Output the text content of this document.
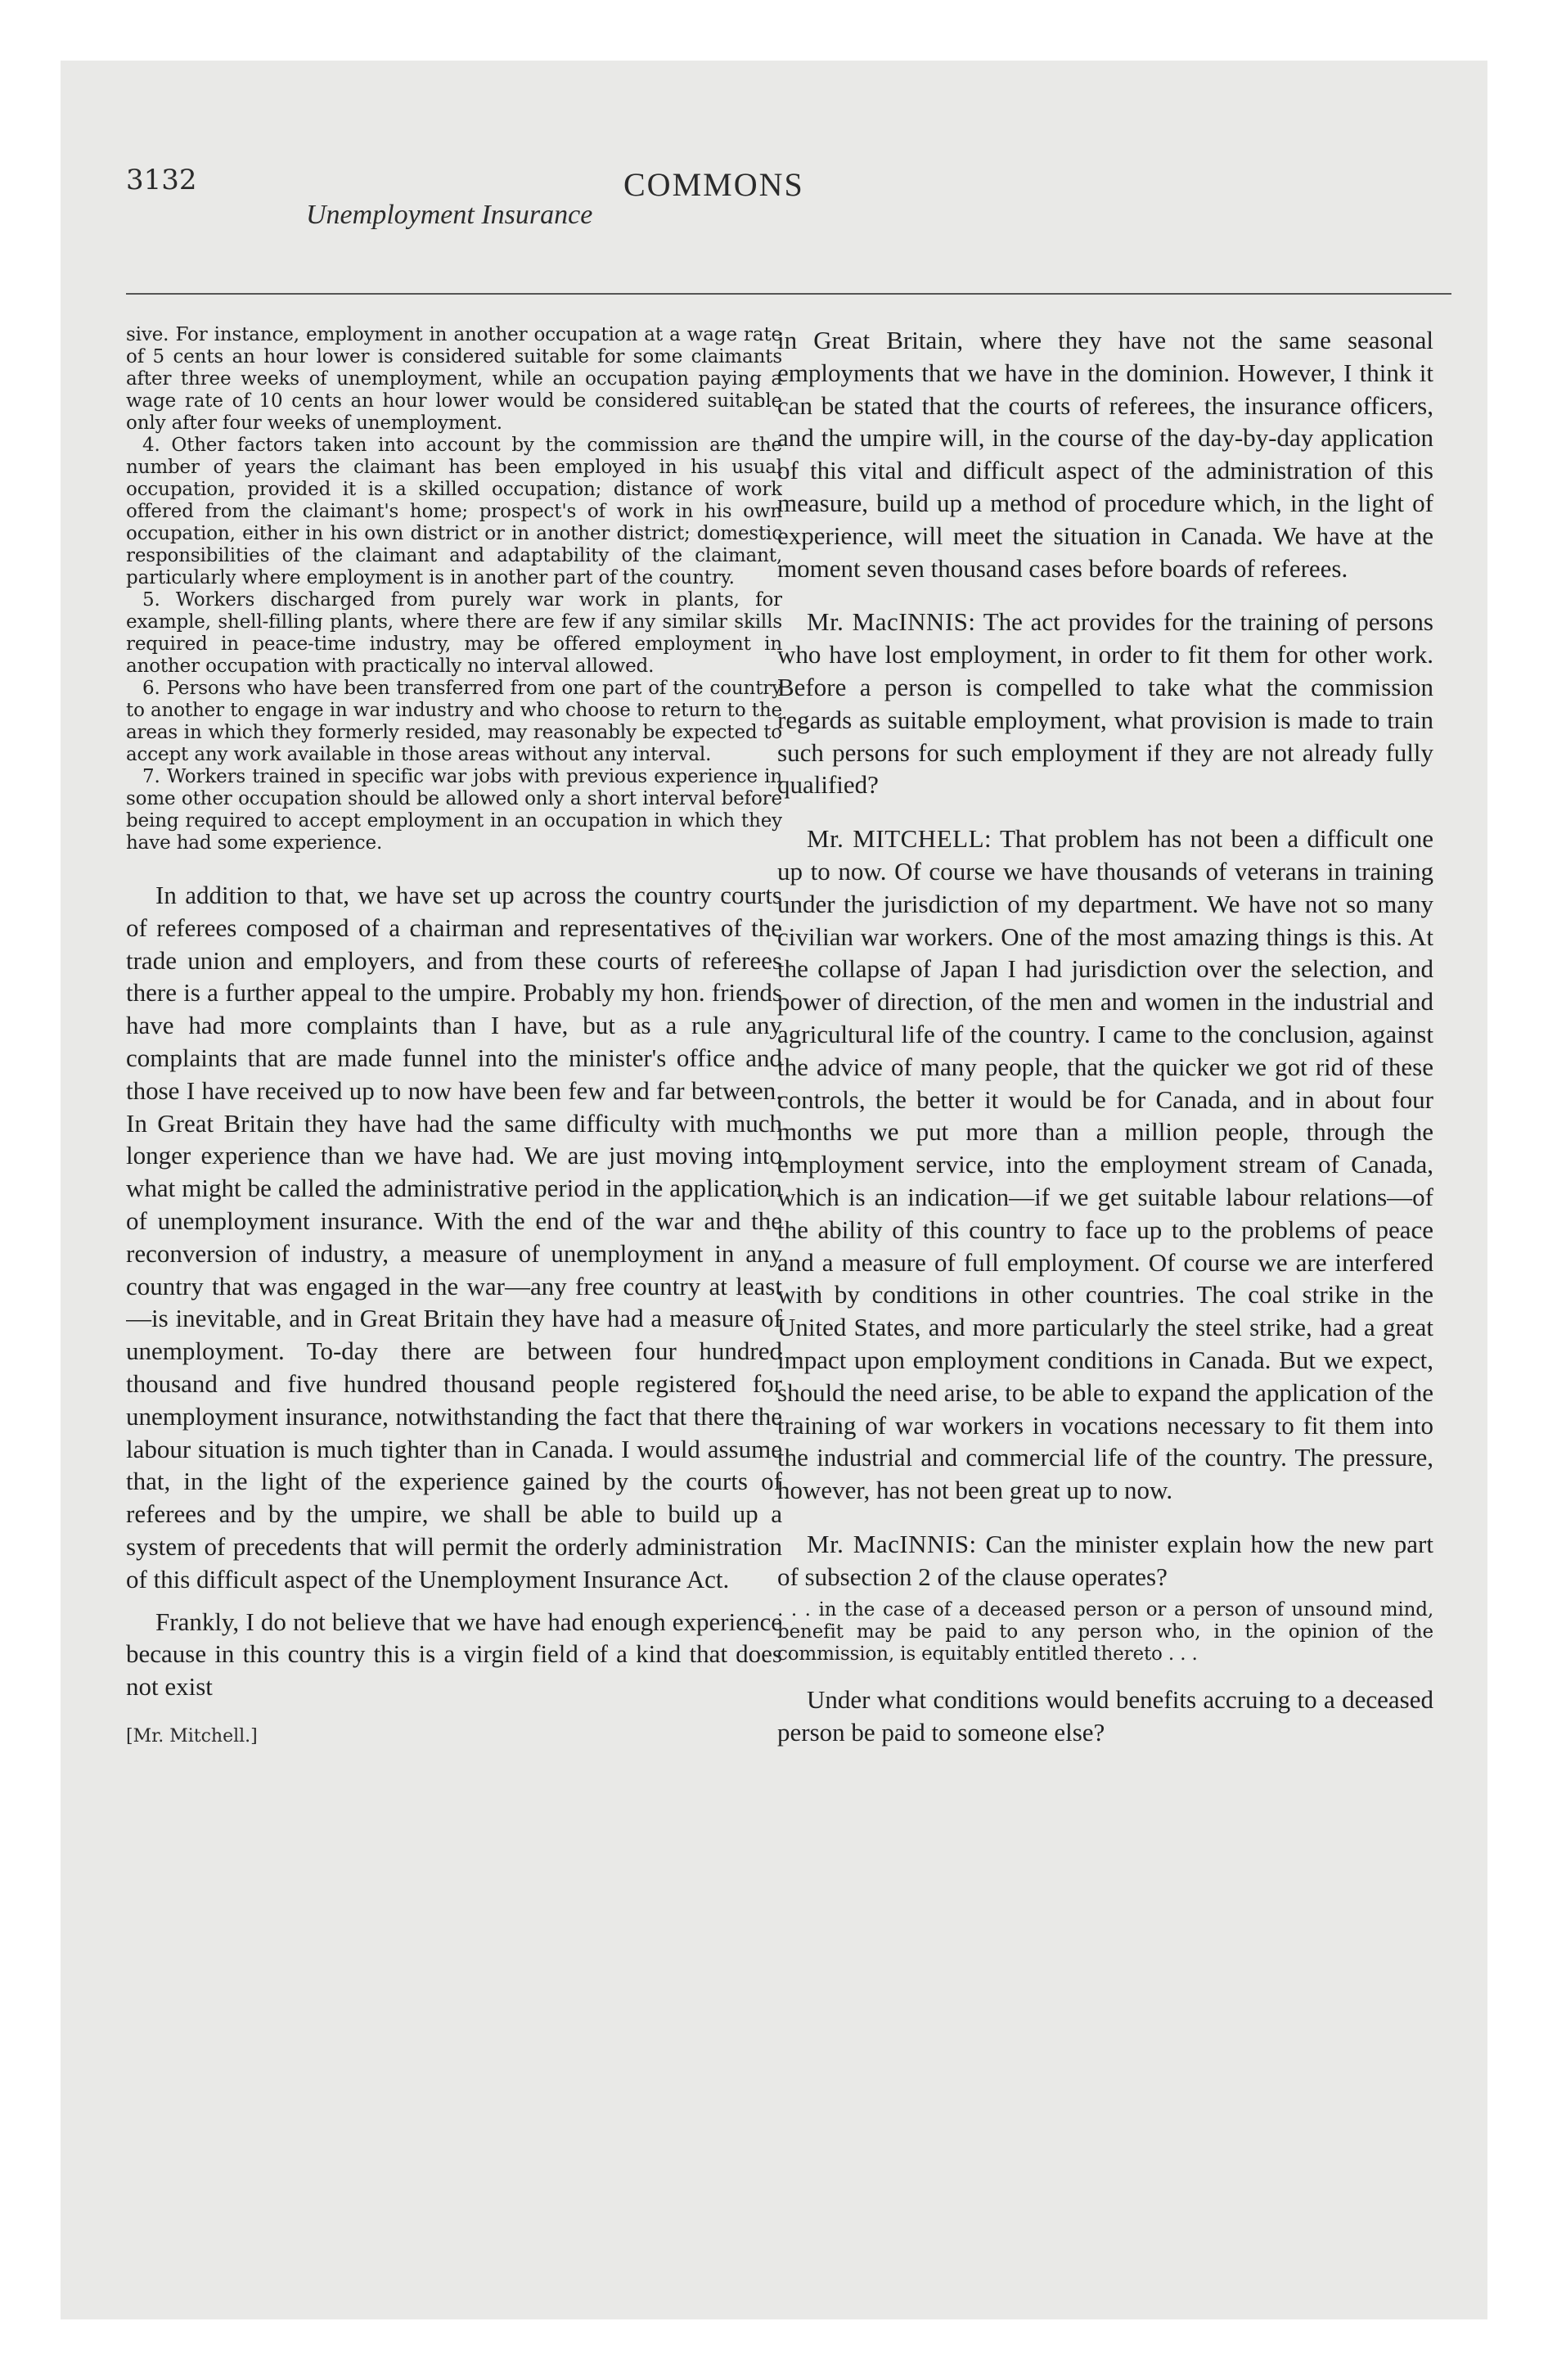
3132	COMMONS
Unemployment Insurance

sive. For instance, employment in another occupation at a wage rate of 5 cents an hour lower is considered suitable for some claimants after three weeks of unemployment, while an occupation paying a wage rate of 10 cents an hour lower would be considered suitable only after four weeks of unemployment.

4. Other factors taken into account by the commission are the number of years the claimant has been employed in his usual occupation, provided it is a skilled occupation; distance of work offered from the claimant's home; prospect's of work in his own occupation, either in his own district or in another district; domestic responsibilities of the claimant and adaptability of the claimant, particularly where employment is in another part of the country.

5. Workers discharged from purely war work in plants, for example, shell-filling plants, where there are few if any similar skills required in peace-time industry, may be offered employment in another occupation with practically no interval allowed.

6. Persons who have been transferred from one part of the country to another to engage in war industry and who choose to return to the areas in which they formerly resided, may reasonably be expected to accept any work available in those areas without any interval.

7. Workers trained in specific war jobs with previous experience in some other occupation should be allowed only a short interval before being required to accept employment in an occupation in which they have had some experience.

In addition to that, we have set up across the country courts of referees composed of a chairman and representatives of the trade union and employers, and from these courts of referees there is a further appeal to the umpire. Probably my hon. friends have had more complaints than I have, but as a rule any complaints that are made funnel into the minister's office and those I have received up to now have been few and far between. In Great Britain they have had the same difficulty with much longer experience than we have had. We are just moving into what might be called the administrative period in the application of unemployment insurance. With the end of the war and the reconversion of industry, a measure of unemployment in any country that was engaged in the war—any free country at least—is inevitable, and in Great Britain they have had a measure of unemployment. To-day there are between four hundred thousand and five hundred thousand people registered for unemployment insurance, notwithstanding the fact that there the labour situation is much tighter than in Canada. I would assume that, in the light of the experience gained by the courts of referees and by the umpire, we shall be able to build up a system of precedents that will permit the orderly administration of this difficult aspect of the Unemployment Insurance Act.

Frankly, I do not believe that we have had enough experience because in this country this is a virgin field of a kind that does not exist

[Mr. Mitchell.]

in Great Britain, where they have not the same seasonal employments that we have in the dominion. However, I think it can be stated that the courts of referees, the insurance officers, and the umpire will, in the course of the day-by-day application of this vital and difficult aspect of the administration of this measure, build up a method of procedure which, in the light of experience, will meet the situation in Canada. We have at the moment seven thousand cases before boards of referees.

Mr. MacINNIS: The act provides for the training of persons who have lost employment, in order to fit them for other work. Before a person is compelled to take what the commission regards as suitable employment, what provision is made to train such persons for such employment if they are not already fully qualified?

Mr. MITCHELL: That problem has not been a difficult one up to now. Of course we have thousands of veterans in training under the jurisdiction of my department. We have not so many civilian war workers. One of the most amazing things is this. At the collapse of Japan I had jurisdiction over the selection, and power of direction, of the men and women in the industrial and agricultural life of the country. I came to the conclusion, against the advice of many people, that the quicker we got rid of these controls, the better it would be for Canada, and in about four months we put more than a million people, through the employment service, into the employment stream of Canada, which is an indication—if we get suitable labour relations—of the ability of this country to face up to the problems of peace and a measure of full employment. Of course we are interfered with by conditions in other countries. The coal strike in the United States, and more particularly the steel strike, had a great impact upon employment conditions in Canada. But we expect, should the need arise, to be able to expand the application of the training of war workers in vocations necessary to fit them into the industrial and commercial life of the country. The pressure, however, has not been great up to now.

Mr. MacINNIS: Can the minister explain how the new part of subsection 2 of the clause operates?

. . . in the case of a deceased person or a person of unsound mind, benefit may be paid to any person who, in the opinion of the commission, is equitably entitled thereto . . .

Under what conditions would benefits accruing to a deceased person be paid to someone else?
